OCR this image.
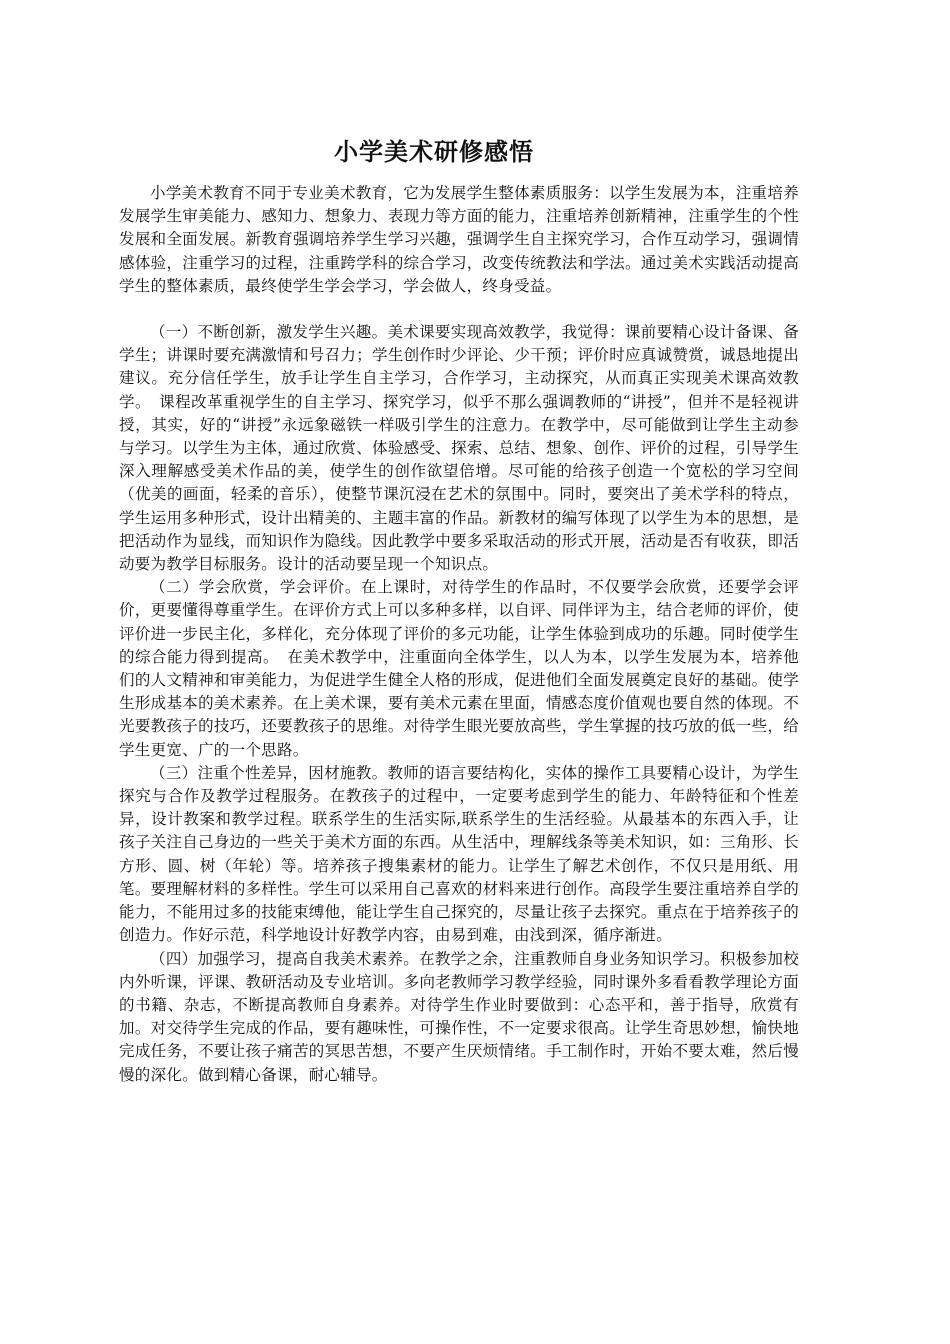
小学美术研修感悟

小学美术教育不同于专业美术教育，它为发展学生整体素质服务：以学生发展为本，注重培养发展学生审美能力、感知力、想象力、表现力等方面的能力，注重培养创新精神，注重学生的个性发展和全面发展。新教育强调培养学生学习兴趣，强调学生自主探究学习，合作互动学习，强调情感体验，注重学习的过程，注重跨学科的综合学习，改变传统教法和学法。通过美术实践活动提高学生的整体素质，最终使学生学会学习，学会做人，终身受益。

（一）不断创新，激发学生兴趣。美术课要实现高效教学，我觉得：课前要精心设计备课、备学生；讲课时要充满激情和号召力；学生创作时少评论、少干预；评价时应真诚赞赏，诚恳地提出建议。充分信任学生，放手让学生自主学习，合作学习，主动探究，从而真正实现美术课高效教学。　课程改革重视学生的自主学习、探究学习，似乎不那么强调教师的“讲授”，但并不是轻视讲授，其实，好的“讲授”永远象磁铁一样吸引学生的注意力。在教学中，尽可能做到让学生主动参与学习。以学生为主体，通过欣赏、体验感受、探索、总结、想象、创作、评价的过程，引导学生深入理解感受美术作品的美，使学生的创作欲望倍增。尽可能的给孩子创造一个宽松的学习空间（优美的画面，轻柔的音乐），使整节课沉浸在艺术的氛围中。同时，要突出了美术学科的特点，学生运用多种形式，设计出精美的、主题丰富的作品。新教材的编写体现了以学生为本的思想，是把活动作为显线，而知识作为隐线。因此教学中要多采取活动的形式开展，活动是否有收获，即活动要为教学目标服务。设计的活动要呈现一个知识点。

（二）学会欣赏，学会评价。在上课时，对待学生的作品时，不仅要学会欣赏，还要学会评价，更要懂得尊重学生。在评价方式上可以多种多样，以自评、同伴评为主，结合老师的评价，使评价进一步民主化，多样化，充分体现了评价的多元功能，让学生体验到成功的乐趣。同时使学生的综合能力得到提高。　在美术教学中，注重面向全体学生，以人为本，以学生发展为本，培养他们的人文精神和审美能力，为促进学生健全人格的形成，促进他们全面发展奠定良好的基础。使学生形成基本的美术素养。在上美术课，要有美术元素在里面，情感态度价值观也要自然的体现。不光要教孩子的技巧，还要教孩子的思维。对待学生眼光要放高些，学生掌握的技巧放的低一些，给学生更宽、广的一个思路。

（三）注重个性差异，因材施教。教师的语言要结构化，实体的操作工具要精心设计，为学生探究与合作及教学过程服务。在教孩子的过程中，一定要考虑到学生的能力、年龄特征和个性差异，设计教案和教学过程。联系学生的生活实际,联系学生的生活经验。从最基本的东西入手，让孩子关注自己身边的一些关于美术方面的东西。从生活中，理解线条等美术知识，如：三角形、长方形、圆、树（年轮）等。培养孩子搜集素材的能力。让学生了解艺术创作，不仅只是用纸、用笔。要理解材料的多样性。学生可以采用自己喜欢的材料来进行创作。高段学生要注重培养自学的能力，不能用过多的技能束缚他，能让学生自己探究的，尽量让孩子去探究。重点在于培养孩子的创造力。作好示范，科学地设计好教学内容，由易到难，由浅到深，循序渐进。

（四）加强学习，提高自我美术素养。在教学之余，注重教师自身业务知识学习。积极参加校内外听课，评课、教研活动及专业培训。多向老教师学习教学经验，同时课外多看看教学理论方面的书籍、杂志，不断提高教师自身素养。对待学生作业时要做到：心态平和，善于指导，欣赏有加。对交待学生完成的作品，要有趣味性，可操作性，不一定要求很高。让学生奇思妙想，愉快地完成任务，不要让孩子痛苦的冥思苦想，不要产生厌烦情绪。手工制作时，开始不要太难，然后慢慢的深化。做到精心备课，耐心辅导。
